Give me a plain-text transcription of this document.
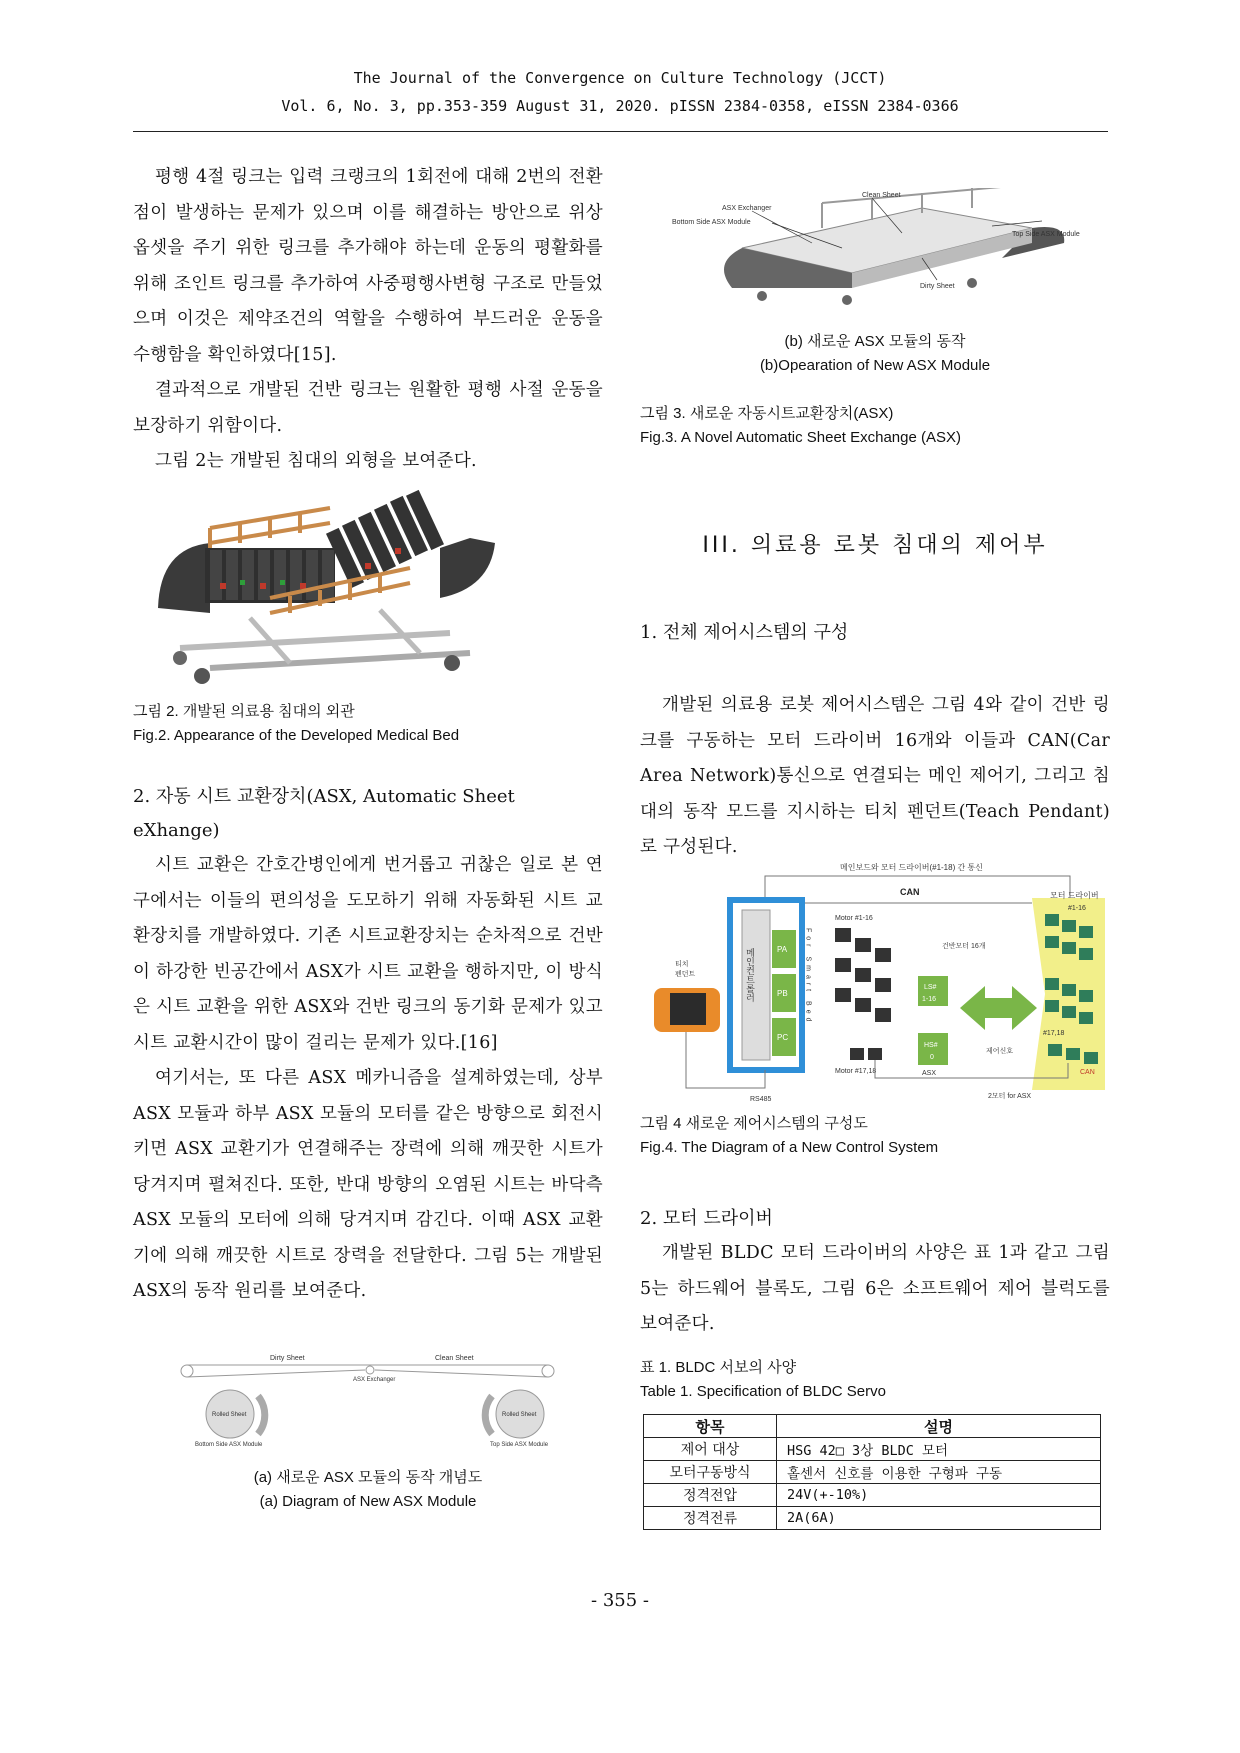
The Journal of the Convergence on Culture Technology (JCCT)
Vol. 6, No. 3, pp.353-359 August 31, 2020. pISSN 2384-0358, eISSN 2384-0366

평행 4절 링크는 입력 크랭크의 1회전에 대해 2번의 전환점이 발생하는 문제가 있으며 이를 해결하는 방안으로 위상 옵셋을 주기 위한 링크를 추가해야 하는데 운동의 평활화를 위해 조인트 링크를 추가하여 사중평행사변형 구조로 만들었으며 이것은 제약조건의 역할을 수행하여 부드러운 운동을 수행함을 확인하였다[15].

결과적으로 개발된 건반 링크는 원활한 평행 사절 운동을 보장하기 위함이다.

그림 2는 개발된 침대의 외형을 보여준다.

그림 2. 개발된 의료용 침대의 외관

Fig.2. Appearance of the Developed Medical Bed

2. 자동 시트 교환장치(ASX, Automatic Sheet eXhange)

시트 교환은 간호간병인에게 번거롭고 귀찮은 일로 본 연구에서는 이들의 편의성을 도모하기 위해 자동화된 시트 교환장치를 개발하였다. 기존 시트교환장치는 순차적으로 건반이 하강한 빈공간에서 ASX가 시트 교환을 행하지만, 이 방식은 시트 교환을 위한 ASX와 건반 링크의 동기화 문제가 있고 시트 교환시간이 많이 걸리는 문제가 있다.[16]

여기서는, 또 다른 ASX 메카니즘을 설계하였는데, 상부 ASX 모듈과 하부 ASX 모듈의 모터를 같은 방향으로 회전시키면 ASX 교환기가 연결해주는 장력에 의해 깨끗한 시트가 당겨지며 펼쳐진다. 또한, 반대 방향의 오염된 시트는 바닥측 ASX 모듈의 모터에 의해 당겨지며 감긴다. 이때 ASX 교환기에 의해 깨끗한 시트로 장력을 전달한다. 그림 5는 개발된 ASX의 동작 원리를 보여준다.

Dirty Sheet	Clean Sheet
ASX Exchanger
Rolled Sheet	Rolled Sheet
Bottom Side ASX Module	Top Side ASX Module

(a) 새로운 ASX 모듈의 동작 개념도

(a) Diagram of New ASX Module

Clean Sheet
ASX Exchanger
Bottom Side ASX Module
Top Side ASX Module
Dirty Sheet

(b) 새로운 ASX 모듈의 동작

(b)Opearation of New ASX Module

그림 3. 새로운 자동시트교환장치(ASX)

Fig.3. A Novel Automatic Sheet Exchange (ASX)

III. 의료용 로봇 침대의 제어부

1. 전체 제어시스템의 구성

개발된 의료용 로봇 제어시스템은 그림 4와 같이 건반 링크를 구동하는 모터 드라이버 16개와 이들과 CAN(Car Area Network)통신으로 연결되는 메인 제어기, 그리고 침대의 동작 모드를 지시하는 티치 펜던트(Teach Pendant)로 구성된다.

메인보드와 모터 드라이버(#1-18) 간 통신
CAN
메인컨트롤러	PA
PB
PC
For Smart Bed
티치
펜던트
RS485
Motor #1-16
Motor #17,18
건반모터 16개
LS#
1-16
HS#
0
ASX
제어신호
모터 드라이버
#1-16
#17,18
CAN
2모터 for ASX

그림 4 새로운 제어시스템의 구성도

Fig.4. The Diagram of a New Control System

2. 모터 드라이버

개발된 BLDC 모터 드라이버의 사양은 표 1과 같고 그림 5는 하드웨어 블록도, 그림 6은 소프트웨어 제어 블럭도를 보여준다.

표 1. BLDC 서보의 사양

Table 1. Specification of BLDC Servo

항목	설명
제어 대상	HSG 42□ 3상 BLDC 모터
모터구동방식	홀센서 신호를 이용한 구형파 구동
정격전압	24V(+-10%)
정격전류	2A(6A)
- 355 -
